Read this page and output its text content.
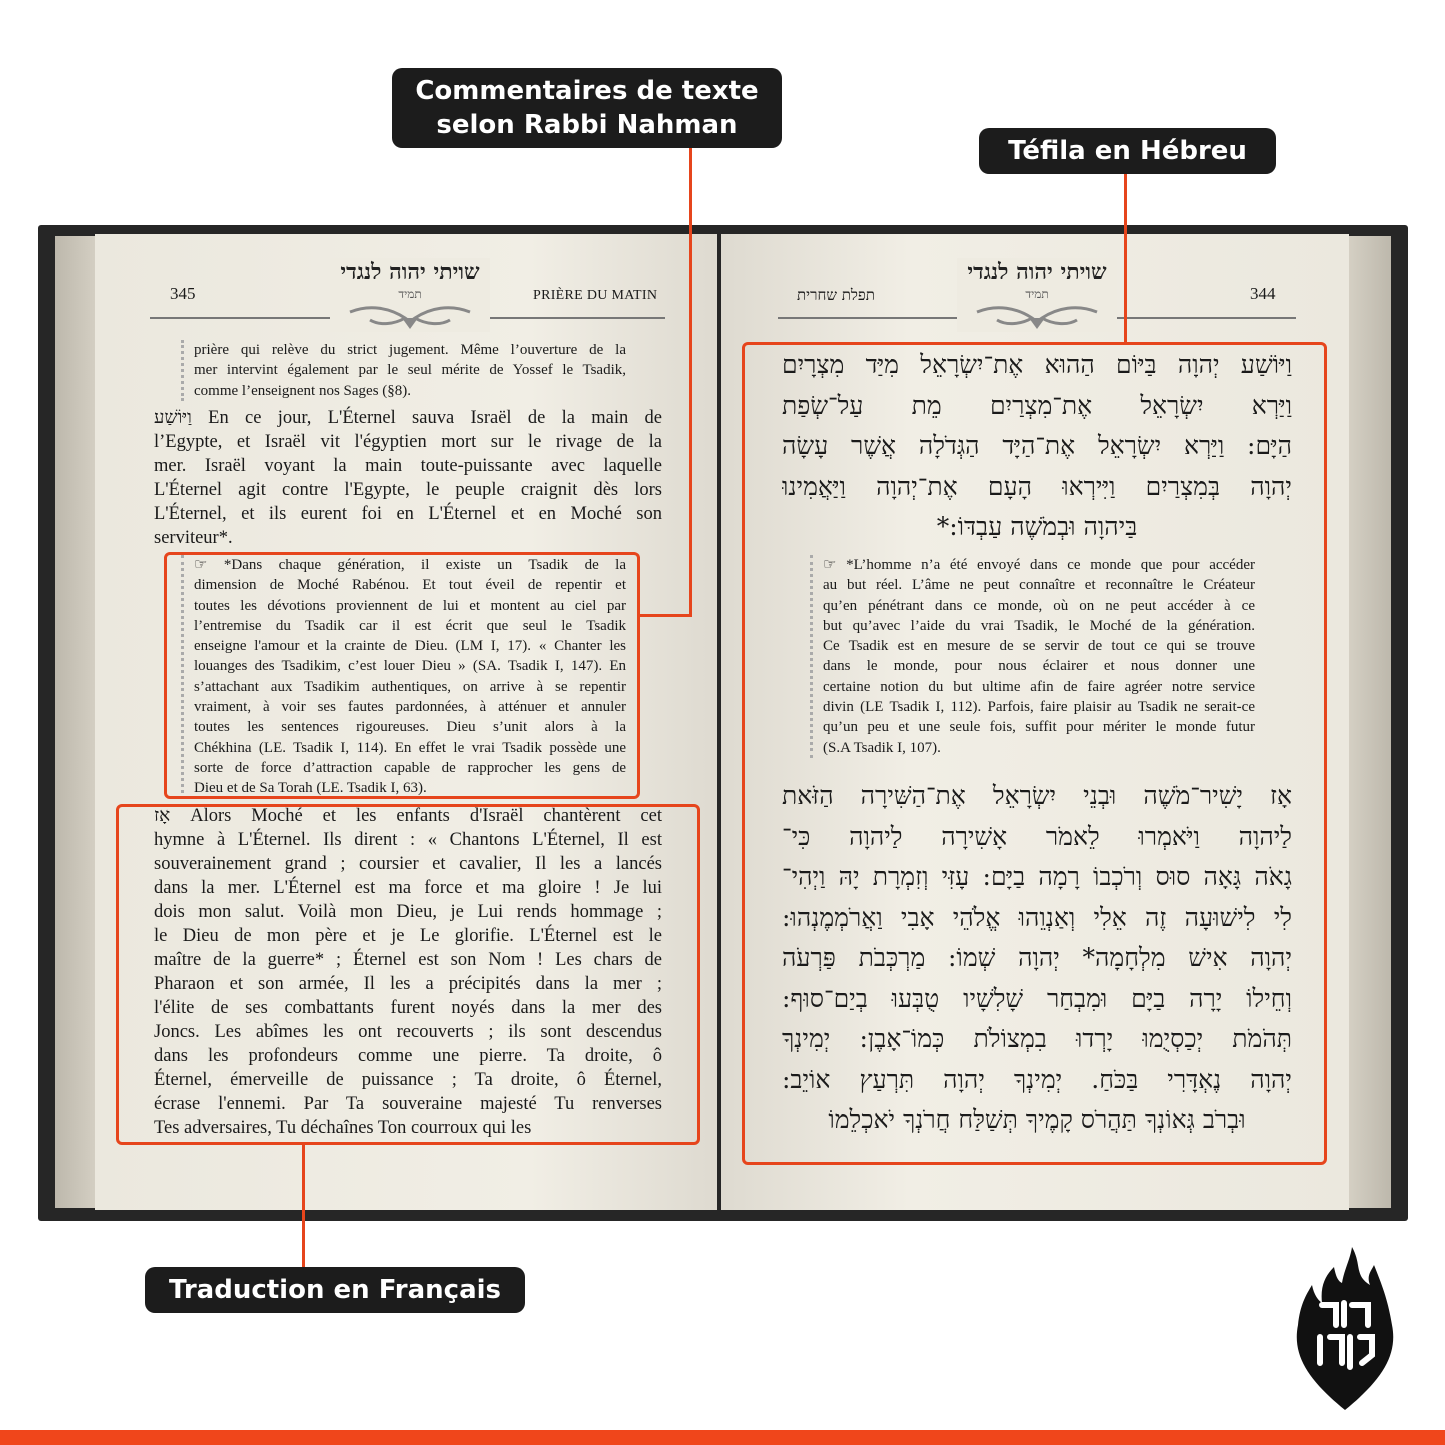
345	PRIÈRE DU MATIN
שויתי יהוה לנגדי
תמיד
prière qui relève du strict jugement. Même l’ouverture de la
mer intervint également par le seul mérite de Yossef le Tsadik,
comme l’enseignent nos Sages (§8).
וַיּוֹשַׁע En ce jour, L'Éternel sauva Israël de la main de
l’Egypte, et Israël vit l'égyptien mort sur le rivage de la
mer. Israël voyant la main toute-puissante avec laquelle
L'Éternel agit contre l'Egypte, le peuple craignit dès lors
L'Éternel, et ils eurent foi en L'Éternel et en Moché son
serviteur*.
☞ *Dans chaque génération, il existe un Tsadik de la
dimension de Moché Rabénou. Et tout éveil de repentir et
toutes les dévotions proviennent de lui et montent au ciel par
l’entremise du Tsadik car il est écrit que seul le Tsadik
enseigne l'amour et la crainte de Dieu. (LM I, 17). « Chanter les
louanges des Tsadikim, c’est louer Dieu » (SA. Tsadik I, 147). En
s’attachant aux Tsadikim authentiques, on arrive à se repentir
vraiment, à voir ses fautes pardonnées, à atténuer et annuler
toutes les sentences rigoureuses. Dieu s’unit alors à la
Chékhina (LE. Tsadik I, 114). En effet le vrai Tsadik possède une
sorte de force d’attraction capable de rapprocher les gens de
Dieu et de Sa Torah (LE. Tsadik I, 63).
אָז Alors Moché et les enfants d'Israël chantèrent cet
hymne à L'Éternel. Ils dirent : « Chantons L'Éternel, Il est
souverainement grand ; coursier et cavalier, Il les a lancés
dans la mer. L'Éternel est ma force et ma gloire ! Je lui
dois mon salut. Voilà mon Dieu, je Lui rends hommage ;
le Dieu de mon père et je Le glorifie. L'Éternel est le
maître de la guerre* ; Éternel est son Nom ! Les chars de
Pharaon et son armée, Il les a précipités dans la mer ;
l'élite de ses combattants furent noyés dans la mer des
Joncs. Les abîmes les ont recouverts ; ils sont descendus
dans les profondeurs comme une pierre. Ta droite, ô
Éternel, émerveille de puissance ; Ta droite, ô Éternel,
écrase l'ennemi. Par Ta souveraine majesté Tu renverses
Tes adversaires, Tu déchaînes Ton courroux qui les
344
תפלת שחרית
שויתי יהוה לנגדי
תמיד
וַיּוֹשַׁע יְהוָה בַּיּוֹם הַהוּא אֶת־יִשְׂרָאֵל מִיַּד מִצְרָיִם
וַיַּרְא יִשְׂרָאֵל אֶת־מִצְרַיִם מֵת עַל־שְׂפַת
הַיָּם: וַיַּרְא יִשְׂרָאֵל אֶת־הַיָּד הַגְּדֹלָה אֲשֶׁר עָשָׂה
יְהוָה בְּמִצְרַיִם וַיִּירְאוּ הָעָם אֶת־יְהוָה וַיַּאֲמִינוּ
בַּיהוָה וּבְמֹשֶׁה עַבְדּוֹ:*
☞ *L’homme n’a été envoyé dans ce monde que pour accéder
au but réel. L’âme ne peut connaître et reconnaître le Créateur
qu’en pénétrant dans ce monde, où on ne peut accéder à ce
but qu’avec l’aide du vrai Tsadik, le Moché de la génération.
Ce Tsadik est en mesure de se servir de tout ce qui se trouve
dans le monde, pour nous éclairer et nous donner une
certaine notion du but ultime afin de faire agréer notre service
divin (LE Tsadik I, 112). Parfois, faire plaisir au Tsadik ne serait-ce
qu’un peu et une seule fois, suffit pour mériter le monde futur
(S.A Tsadik I, 107).
אָז יָשִׁיר־מֹשֶׁה וּבְנֵי יִשְׂרָאֵל אֶת־הַשִּׁירָה הַזֹּאת
לַיהוָה וַיֹּאמְרוּ לֵאמֹר אָשִׁירָה לַיהוָה כִּי־
גָאֹה גָּאָה סוּס וְרֹכְבוֹ רָמָה בַיָּם: עָזִּי וְזִמְרָת יָהּ וַיְהִי־
לִי לִישׁוּעָה זֶה אֵלִי וְאַנְוֵהוּ אֱלֹהֵי אָבִי וַאֲרֹמְמֶנְהוּ:
יְהוָה אִישׁ מִלְחָמָה* יְהוָה שְׁמוֹ: מַרְכְּבֹת פַּרְעֹה
וְחֵילוֹ יָרָה בַיָּם וּמִבְחַר שָׁלִשָׁיו טֻבְּעוּ בְיַם־סוּף:
תְּהֹמֹת יְכַסְיֻמוּ יָרְדוּ בִמְצוֹלֹת כְּמוֹ־אָבֶן: יְמִינְךָ
יְהוָה נֶאְדָּרִי בַּכֹּחַ. יְמִינְךָ יְהוָה תִּרְעַץ אוֹיֵב:
וּבְרֹב גְּאוֹנְךָ תַּהֲרֹס קָמֶיךָ תְּשַׁלַּח חֲרֹנְךָ יֹאכְלֵמוֹ
Commentaires de texte
selon Rabbi Nahman
Téfila en Hébreu
Traduction en Français
